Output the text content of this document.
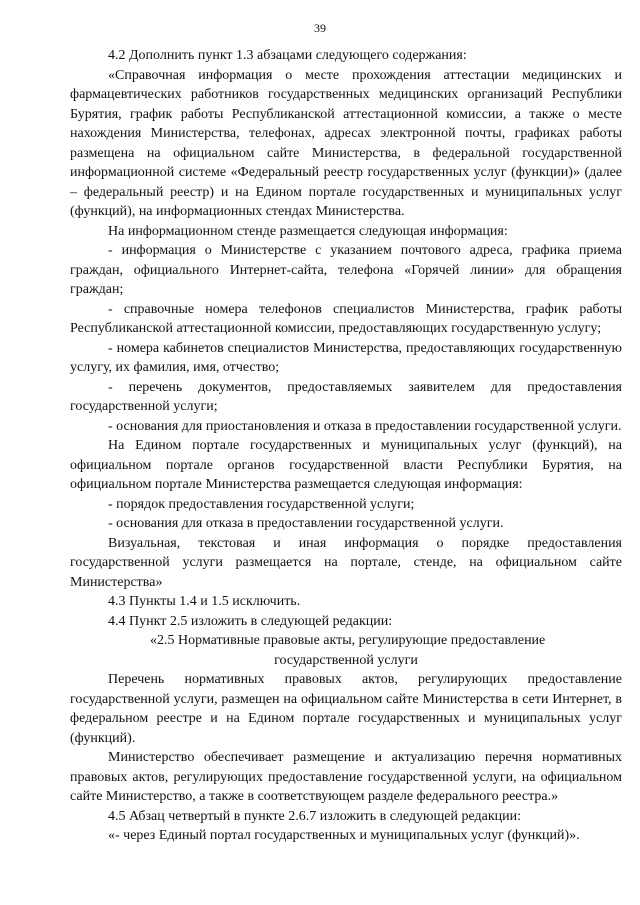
39

4.2 Дополнить пункт 1.3 абзацами следующего содержания:

«Справочная информация о месте прохождения аттестации медицинских и фармацевтических работников государственных медицинских организаций Республики Бурятия, график работы Республиканской аттестационной комиссии, а также о месте нахождения Министерства, телефонах, адресах электронной почты, графиках работы размещена на официальном сайте Министерства, в федеральной государственной информационной системе «Федеральный реестр государственных услуг (функции)» (далее – федеральный реестр) и на Едином портале государственных и муниципальных услуг (функций), на информационных стендах Министерства.

На информационном стенде размещается следующая информация:

- информация о Министерстве с указанием почтового адреса, графика приема граждан, официального Интернет-сайта, телефона «Горячей линии» для обращения граждан;

- справочные номера телефонов специалистов Министерства, график работы Республиканской аттестационной комиссии, предоставляющих государственную услугу;

- номера кабинетов специалистов Министерства, предоставляющих государственную услугу, их фамилия, имя, отчество;

- перечень документов, предоставляемых заявителем для предоставления государственной услуги;

- основания для приостановления и отказа в предоставлении государственной услуги.

На Едином портале государственных и муниципальных услуг (функций), на официальном портале органов государственной власти Республики Бурятия, на официальном портале Министерства размещается следующая информация:

- порядок предоставления государственной услуги;

- основания для отказа в предоставлении государственной услуги.

Визуальная, текстовая и иная информация о порядке предоставления государственной услуги размещается на портале, стенде, на официальном сайте Министерства»

4.3 Пункты 1.4 и 1.5 исключить.

4.4 Пункт 2.5 изложить в следующей редакции:

«2.5 Нормативные правовые акты, регулирующие предоставление

государственной услуги

Перечень нормативных правовых актов, регулирующих предоставление государственной услуги, размещен на официальном сайте Министерства в сети Интернет, в федеральном реестре и на Едином портале государственных и муниципальных услуг (функций).

Министерство обеспечивает размещение и актуализацию перечня нормативных правовых актов, регулирующих предоставление государственной услуги, на официальном сайте Министерство, а также в соответствующем разделе федерального реестра.»

4.5 Абзац четвертый в пункте 2.6.7 изложить в следующей редакции:

«- через Единый портал государственных и муниципальных услуг (функций)».
